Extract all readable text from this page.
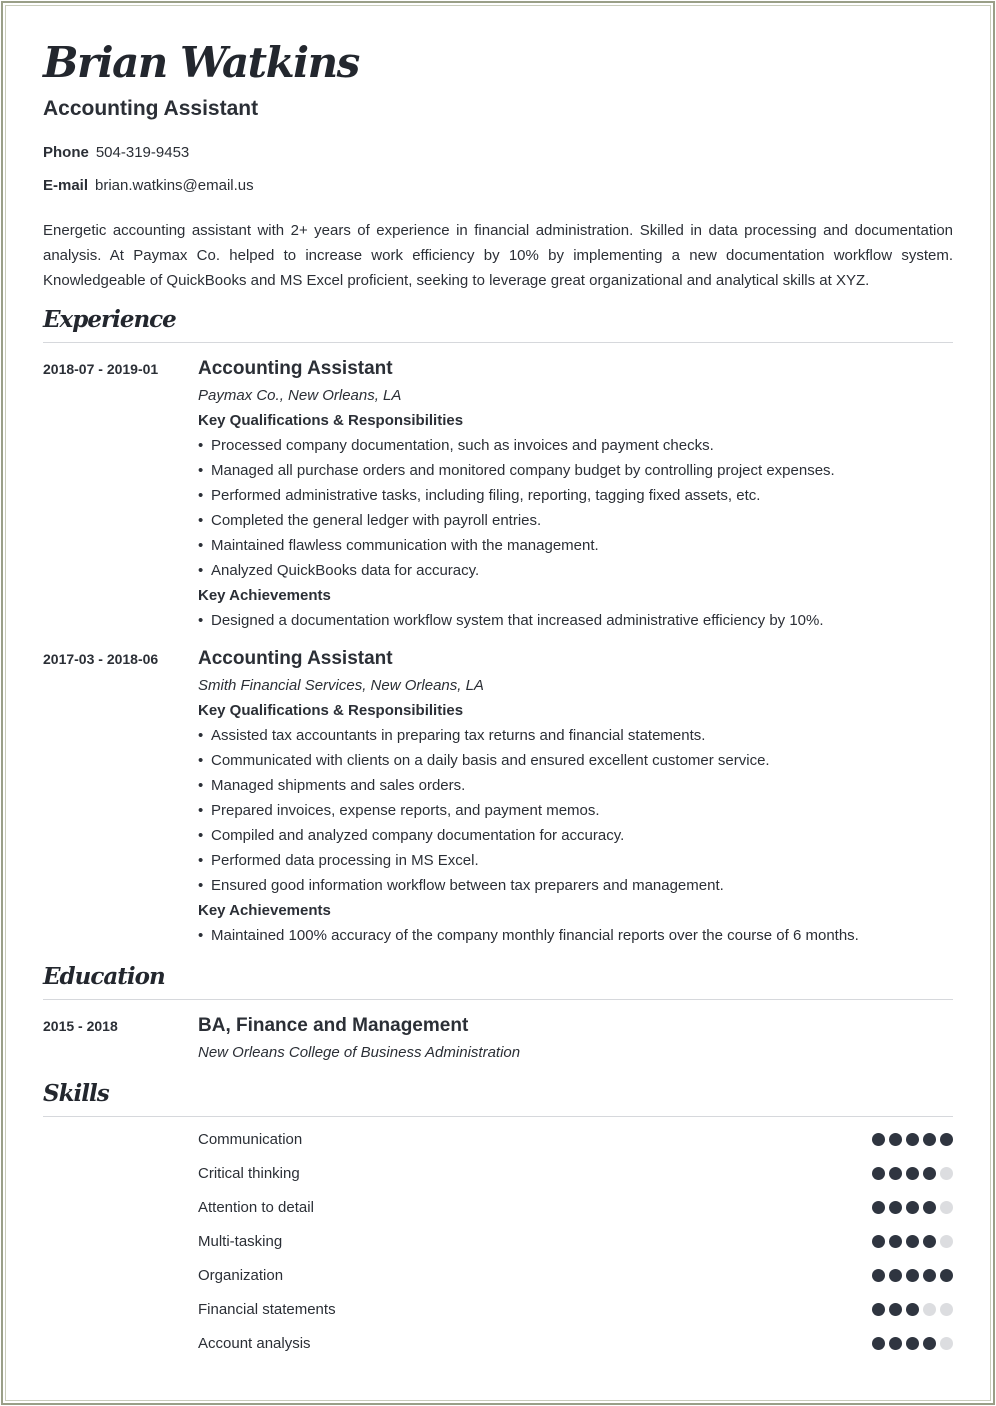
Brian Watkins
Accounting Assistant
Phone 504-319-9453
E-mail brian.watkins@email.us
Energetic accounting assistant with 2+ years of experience in financial administration. Skilled in data processing and documentation analysis. At Paymax Co. helped to increase work efficiency by 10% by implementing a new documentation workflow system. Knowledgeable of QuickBooks and MS Excel proficient, seeking to leverage great organizational and analytical skills at XYZ.
Experience
2018-07 - 2019-01 Accounting Assistant
Paymax Co., New Orleans, LA
Key Qualifications & Responsibilities
• Processed company documentation, such as invoices and payment checks.
• Managed all purchase orders and monitored company budget by controlling project expenses.
• Performed administrative tasks, including filing, reporting, tagging fixed assets, etc.
• Completed the general ledger with payroll entries.
• Maintained flawless communication with the management.
• Analyzed QuickBooks data for accuracy.
Key Achievements
• Designed a documentation workflow system that increased administrative efficiency by 10%.
2017-03 - 2018-06 Accounting Assistant
Smith Financial Services, New Orleans, LA
Key Qualifications & Responsibilities
• Assisted tax accountants in preparing tax returns and financial statements.
• Communicated with clients on a daily basis and ensured excellent customer service.
• Managed shipments and sales orders.
• Prepared invoices, expense reports, and payment memos.
• Compiled and analyzed company documentation for accuracy.
• Performed data processing in MS Excel.
• Ensured good information workflow between tax preparers and management.
Key Achievements
• Maintained 100% accuracy of the company monthly financial reports over the course of 6 months.
Education
2015 - 2018	BA, Finance and Management
New Orleans College of Business Administration
Skills
Communication
Critical thinking
Attention to detail
Multi-tasking
Organization
Financial statements
Account analysis
